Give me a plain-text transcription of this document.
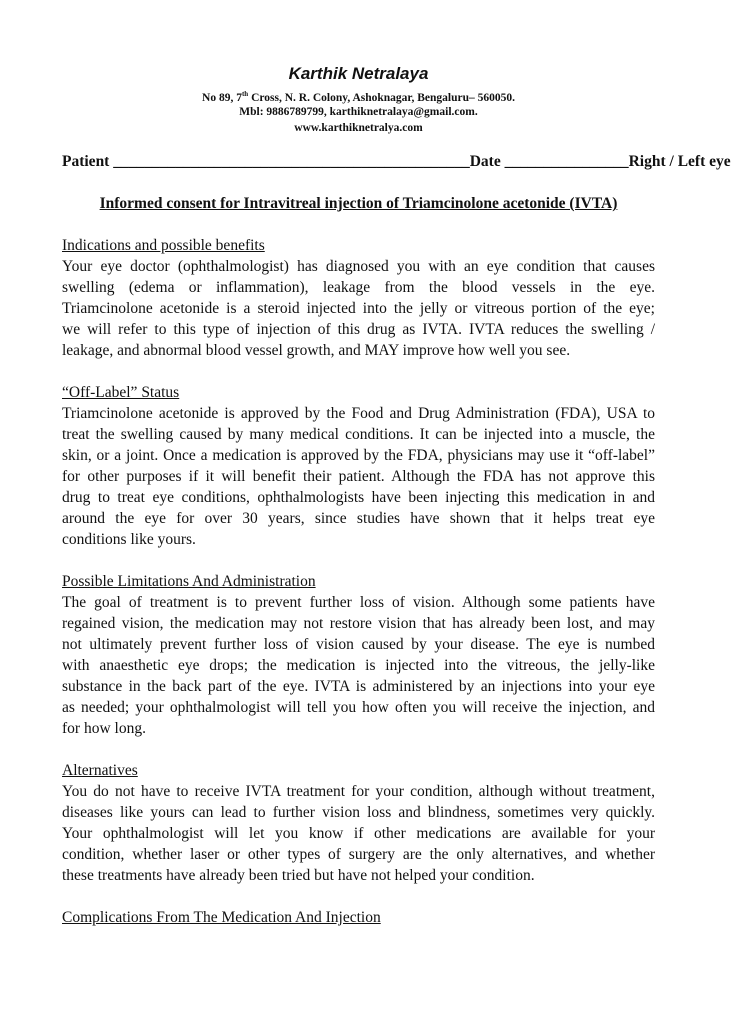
Karthik Netralaya
No 89, 7th Cross, N. R. Colony, Ashoknagar, Bengaluru– 560050.
Mbl: 9886789799, karthiknetralaya@gmail.com.
www.karthiknetralya.com
Patient ______________________________________________ Date ________________ Right / Left eye
Informed consent for Intravitreal injection of Triamcinolone acetonide (IVTA)
Indications and possible benefits
Your eye doctor (ophthalmologist) has diagnosed you with an eye condition that causes
swelling (edema or inflammation), leakage from the blood vessels in the eye.
Triamcinolone acetonide is a steroid injected into the jelly or vitreous portion of the eye;
we will refer to this type of injection of this drug as IVTA. IVTA reduces the swelling /
leakage, and abnormal blood vessel growth, and MAY improve how well you see.
“Off-Label” Status
Triamcinolone acetonide is approved by the Food and Drug Administration (FDA), USA to
treat the swelling caused by many medical conditions. It can be injected into a muscle, the
skin, or a joint. Once a medication is approved by the FDA, physicians may use it “off-label”
for other purposes if it will benefit their patient. Although the FDA has not approve this
drug to treat eye conditions, ophthalmologists have been injecting this medication in and
around the eye for over 30 years, since studies have shown that it helps treat eye
conditions like yours.
Possible Limitations And Administration
The goal of treatment is to prevent further loss of vision. Although some patients have
regained vision, the medication may not restore vision that has already been lost, and may
not ultimately prevent further loss of vision caused by your disease. The eye is numbed
with anaesthetic eye drops; the medication is injected into the vitreous, the jelly-like
substance in the back part of the eye. IVTA is administered by an injections into your eye
as needed; your ophthalmologist will tell you how often you will receive the injection, and
for how long.
Alternatives
You do not have to receive IVTA treatment for your condition, although without treatment,
diseases like yours can lead to further vision loss and blindness, sometimes very quickly.
Your ophthalmologist will let you know if other medications are available for your
condition, whether laser or other types of surgery are the only alternatives, and whether
these treatments have already been tried but have not helped your condition.
Complications From The Medication And Injection
